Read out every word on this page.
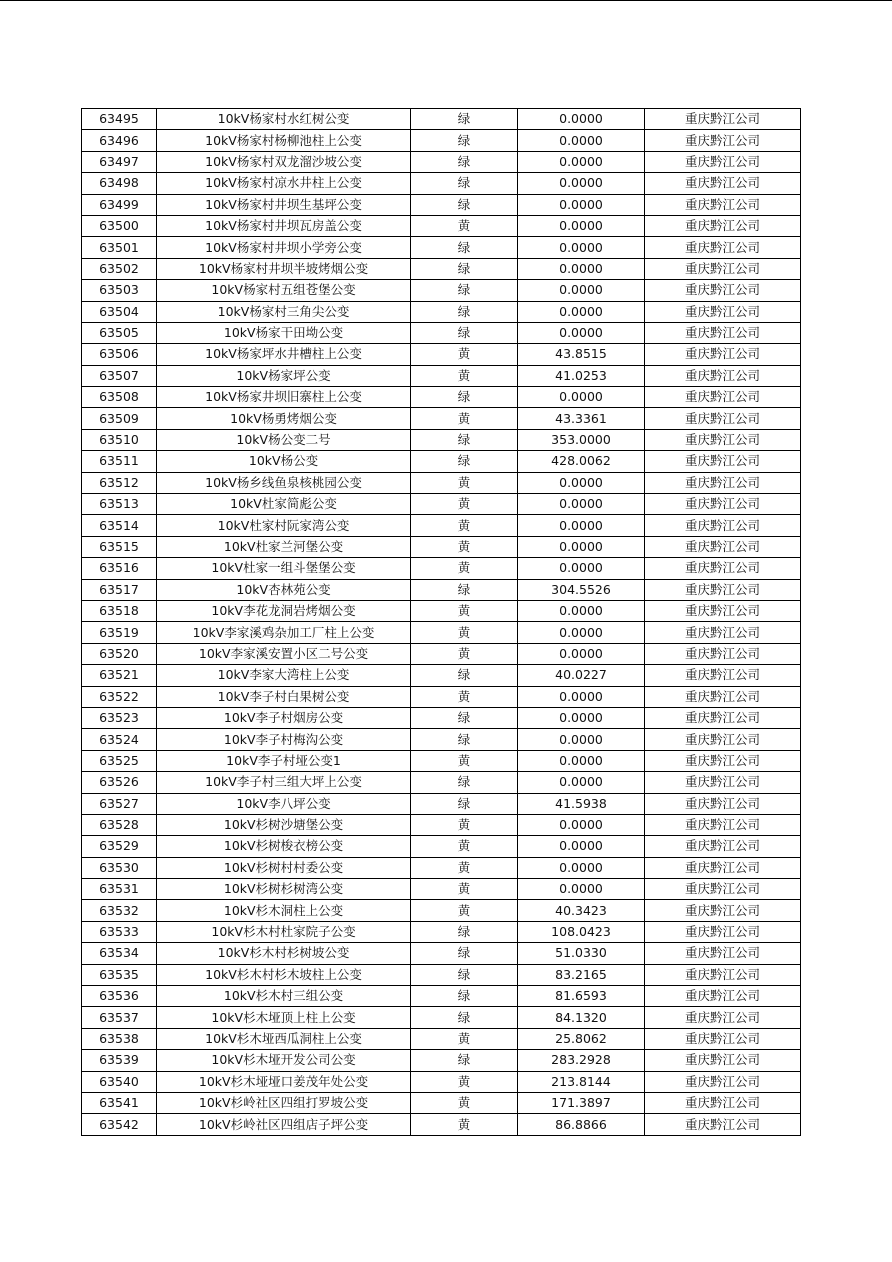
63495	10kV杨家村水红树公变	绿	0.0000	重庆黔江公司
63496	10kV杨家村杨柳池柱上公变	绿	0.0000	重庆黔江公司
63497	10kV杨家村双龙溜沙坡公变	绿	0.0000	重庆黔江公司
63498	10kV杨家村凉水井柱上公变	绿	0.0000	重庆黔江公司
63499	10kV杨家村井坝生基坪公变	绿	0.0000	重庆黔江公司
63500	10kV杨家村井坝瓦房盖公变	黄	0.0000	重庆黔江公司
63501	10kV杨家村井坝小学旁公变	绿	0.0000	重庆黔江公司
63502	10kV杨家村井坝半坡烤烟公变	绿	0.0000	重庆黔江公司
63503	10kV杨家村五组苍堡公变	绿	0.0000	重庆黔江公司
63504	10kV杨家村三角尖公变	绿	0.0000	重庆黔江公司
63505	10kV杨家干田坳公变	绿	0.0000	重庆黔江公司
63506	10kV杨家坪水井槽柱上公变	黄	43.8515	重庆黔江公司
63507	10kV杨家坪公变	黄	41.0253	重庆黔江公司
63508	10kV杨家井坝旧寨柱上公变	绿	0.0000	重庆黔江公司
63509	10kV杨勇烤烟公变	黄	43.3361	重庆黔江公司
63510	10kV杨公变二号	绿	353.0000	重庆黔江公司
63511	10kV杨公变	绿	428.0062	重庆黔江公司
63512	10kV杨乡线鱼泉核桃园公变	黄	0.0000	重庆黔江公司
63513	10kV杜家简彪公变	黄	0.0000	重庆黔江公司
63514	10kV杜家村阮家湾公变	黄	0.0000	重庆黔江公司
63515	10kV杜家兰河堡公变	黄	0.0000	重庆黔江公司
63516	10kV杜家一组斗堡堡公变	黄	0.0000	重庆黔江公司
63517	10kV杏林苑公变	绿	304.5526	重庆黔江公司
63518	10kV李花龙洞岩烤烟公变	黄	0.0000	重庆黔江公司
63519	10kV李家溪鸡杂加工厂柱上公变	黄	0.0000	重庆黔江公司
63520	10kV李家溪安置小区二号公变	黄	0.0000	重庆黔江公司
63521	10kV李家大湾柱上公变	绿	40.0227	重庆黔江公司
63522	10kV李子村白果树公变	黄	0.0000	重庆黔江公司
63523	10kV李子村烟房公变	绿	0.0000	重庆黔江公司
63524	10kV李子村梅沟公变	绿	0.0000	重庆黔江公司
63525	10kV李子村垭公变1	黄	0.0000	重庆黔江公司
63526	10kV李子村三组大坪上公变	绿	0.0000	重庆黔江公司
63527	10kV李八坪公变	绿	41.5938	重庆黔江公司
63528	10kV杉树沙塘堡公变	黄	0.0000	重庆黔江公司
63529	10kV杉树梭衣榜公变	黄	0.0000	重庆黔江公司
63530	10kV杉树村村委公变	黄	0.0000	重庆黔江公司
63531	10kV杉树杉树湾公变	黄	0.0000	重庆黔江公司
63532	10kV杉木洞柱上公变	黄	40.3423	重庆黔江公司
63533	10kV杉木村杜家院子公变	绿	108.0423	重庆黔江公司
63534	10kV杉木村杉树坡公变	绿	51.0330	重庆黔江公司
63535	10kV杉木村杉木坡柱上公变	绿	83.2165	重庆黔江公司
63536	10kV杉木村三组公变	绿	81.6593	重庆黔江公司
63537	10kV杉木垭顶上柱上公变	绿	84.1320	重庆黔江公司
63538	10kV杉木垭西瓜洞柱上公变	黄	25.8062	重庆黔江公司
63539	10kV杉木垭开发公司公变	绿	283.2928	重庆黔江公司
63540	10kV杉木垭垭口姜茂年处公变	黄	213.8144	重庆黔江公司
63541	10kV杉岭社区四组打罗坡公变	黄	171.3897	重庆黔江公司
63542	10kV杉岭社区四组店子坪公变	黄	86.8866	重庆黔江公司
